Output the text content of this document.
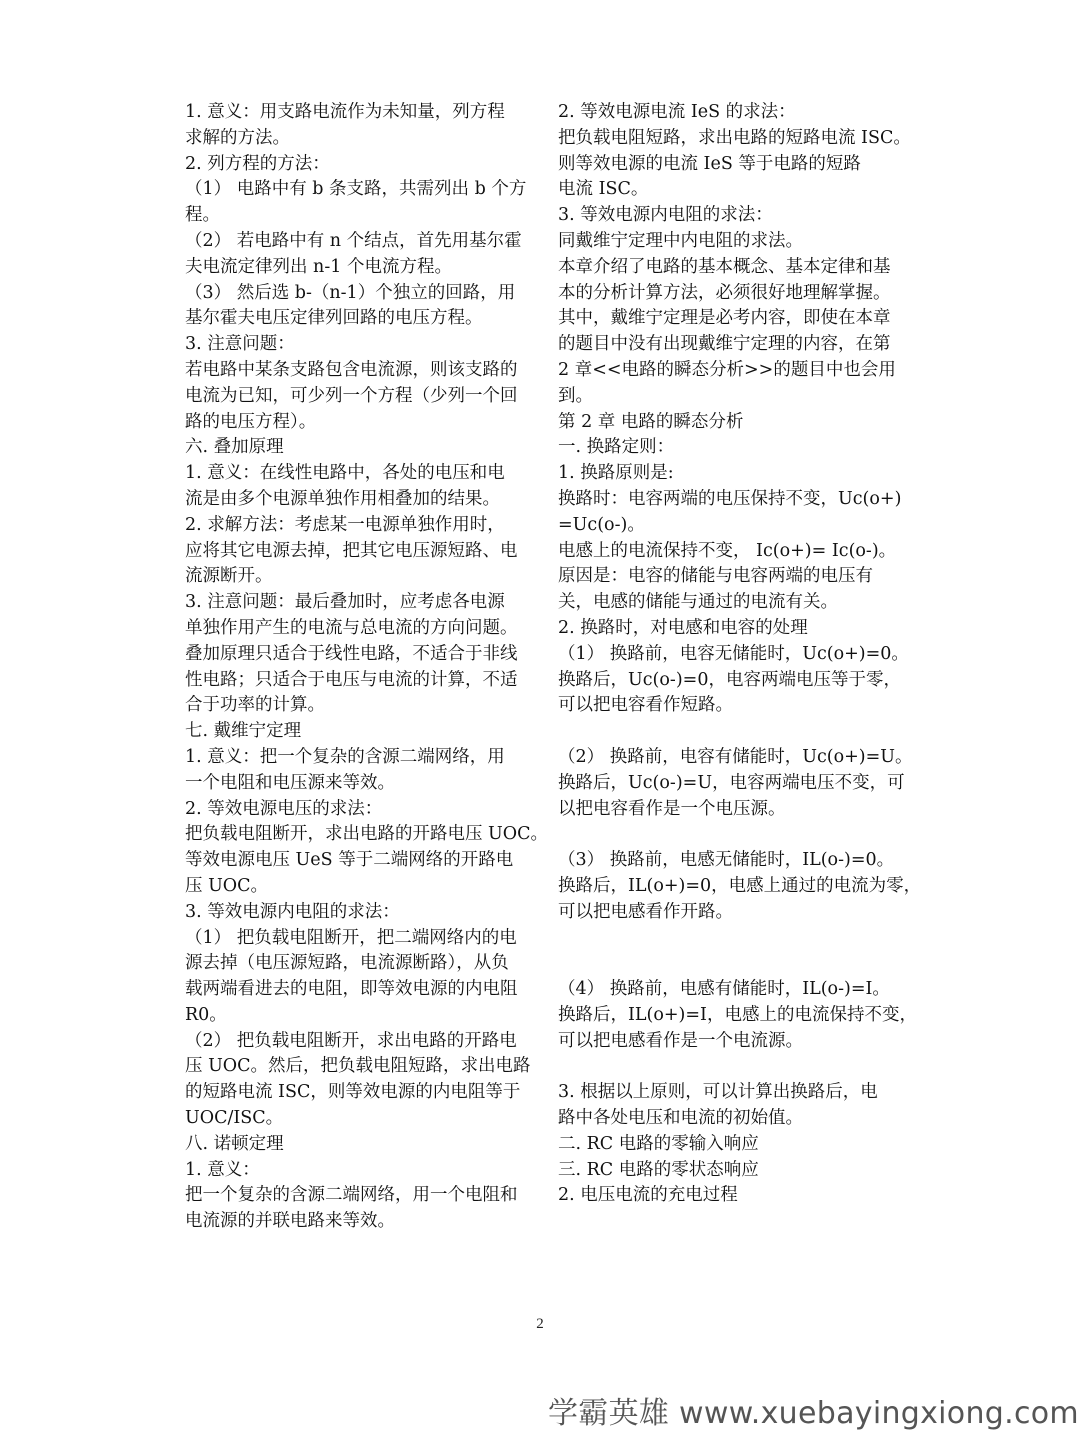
1. 意义：用支路电流作为未知量，列方程
求解的方法。
2. 列方程的方法：
（1） 电路中有 b 条支路，共需列出 b 个方
程。
（2） 若电路中有 n 个结点，首先用基尔霍
夫电流定律列出 n-1 个电流方程。
（3） 然后选 b-（n-1）个独立的回路，用
基尔霍夫电压定律列回路的电压方程。
3. 注意问题：
若电路中某条支路包含电流源，则该支路的
电流为已知，可少列一个方程（少列一个回
路的电压方程）。
六. 叠加原理
1. 意义：在线性电路中，各处的电压和电
流是由多个电源单独作用相叠加的结果。
2. 求解方法：考虑某一电源单独作用时，
应将其它电源去掉，把其它电压源短路、电
流源断开。
3. 注意问题：最后叠加时，应考虑各电源
单独作用产生的电流与总电流的方向问题。
叠加原理只适合于线性电路，不适合于非线
性电路；只适合于电压与电流的计算，不适
合于功率的计算。
七. 戴维宁定理
1. 意义：把一个复杂的含源二端网络，用
一个电阻和电压源来等效。
2. 等效电源电压的求法：
把负载电阻断开，求出电路的开路电压 UOC。
等效电源电压 UeS 等于二端网络的开路电
压 UOC。
3. 等效电源内电阻的求法：
（1） 把负载电阻断开，把二端网络内的电
源去掉（电压源短路，电流源断路），从负
载两端看进去的电阻，即等效电源的内电阻
R0。
（2） 把负载电阻断开，求出电路的开路电
压 UOC。然后，把负载电阻短路，求出电路
的短路电流 ISC，则等效电源的内电阻等于
UOC/ISC。
八. 诺顿定理
1. 意义：
把一个复杂的含源二端网络，用一个电阻和
电流源的并联电路来等效。
2. 等效电源电流 IeS 的求法：
把负载电阻短路，求出电路的短路电流 ISC。
则等效电源的电流 IeS 等于电路的短路
电流 ISC。
3. 等效电源内电阻的求法：
同戴维宁定理中内电阻的求法。
本章介绍了电路的基本概念、基本定律和基
本的分析计算方法，必须很好地理解掌握。
其中，戴维宁定理是必考内容，即使在本章
的题目中没有出现戴维宁定理的内容，在第
2 章<<电路的瞬态分析>>的题目中也会用
到。
第 2 章 电路的瞬态分析
一. 换路定则：
1. 换路原则是:
换路时：电容两端的电压保持不变，Uc(o+)
=Uc(o-)。
电感上的电流保持不变， Ic(o+)= Ic(o-)。
原因是：电容的储能与电容两端的电压有
关，电感的储能与通过的电流有关。
2. 换路时，对电感和电容的处理
（1） 换路前，电容无储能时，Uc(o+)=0。
换路后，Uc(o-)=0，电容两端电压等于零，
可以把电容看作短路。
（2） 换路前，电容有储能时，Uc(o+)=U。
换路后，Uc(o-)=U，电容两端电压不变，可
以把电容看作是一个电压源。
（3） 换路前，电感无储能时，IL(o-)=0。
换路后，IL(o+)=0，电感上通过的电流为零，
可以把电感看作开路。
（4） 换路前，电感有储能时，IL(o-)=I。
换路后，IL(o+)=I，电感上的电流保持不变，
可以把电感看作是一个电流源。
3. 根据以上原则，可以计算出换路后，电
路中各处电压和电流的初始值。
二. RC 电路的零输入响应
三. RC 电路的零状态响应
2. 电压电流的充电过程
2
学霸英雄 www.xuebayingxiong.com
